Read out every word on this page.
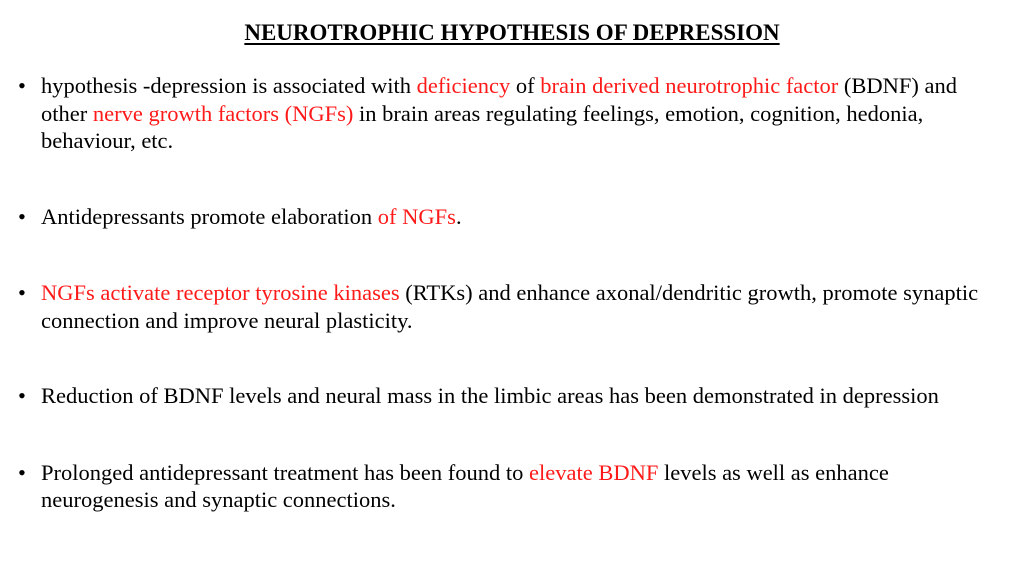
NEUROTROPHIC HYPOTHESIS OF DEPRESSION
• hypothesis -depression is associated with deficiency of brain derived neurotrophic factor (BDNF) and other nerve growth factors (NGFs) in brain areas regulating feelings, emotion, cognition, hedonia, behaviour, etc.
• Antidepressants promote elaboration of NGFs.
• NGFs activate receptor tyrosine kinases (RTKs) and enhance axonal/dendritic growth, promote synaptic connection and improve neural plasticity.
• Reduction of BDNF levels and neural mass in the limbic areas has been demonstrated in depression
• Prolonged antidepressant treatment has been found to elevate BDNF levels as well as enhance neurogenesis and synaptic connections.
